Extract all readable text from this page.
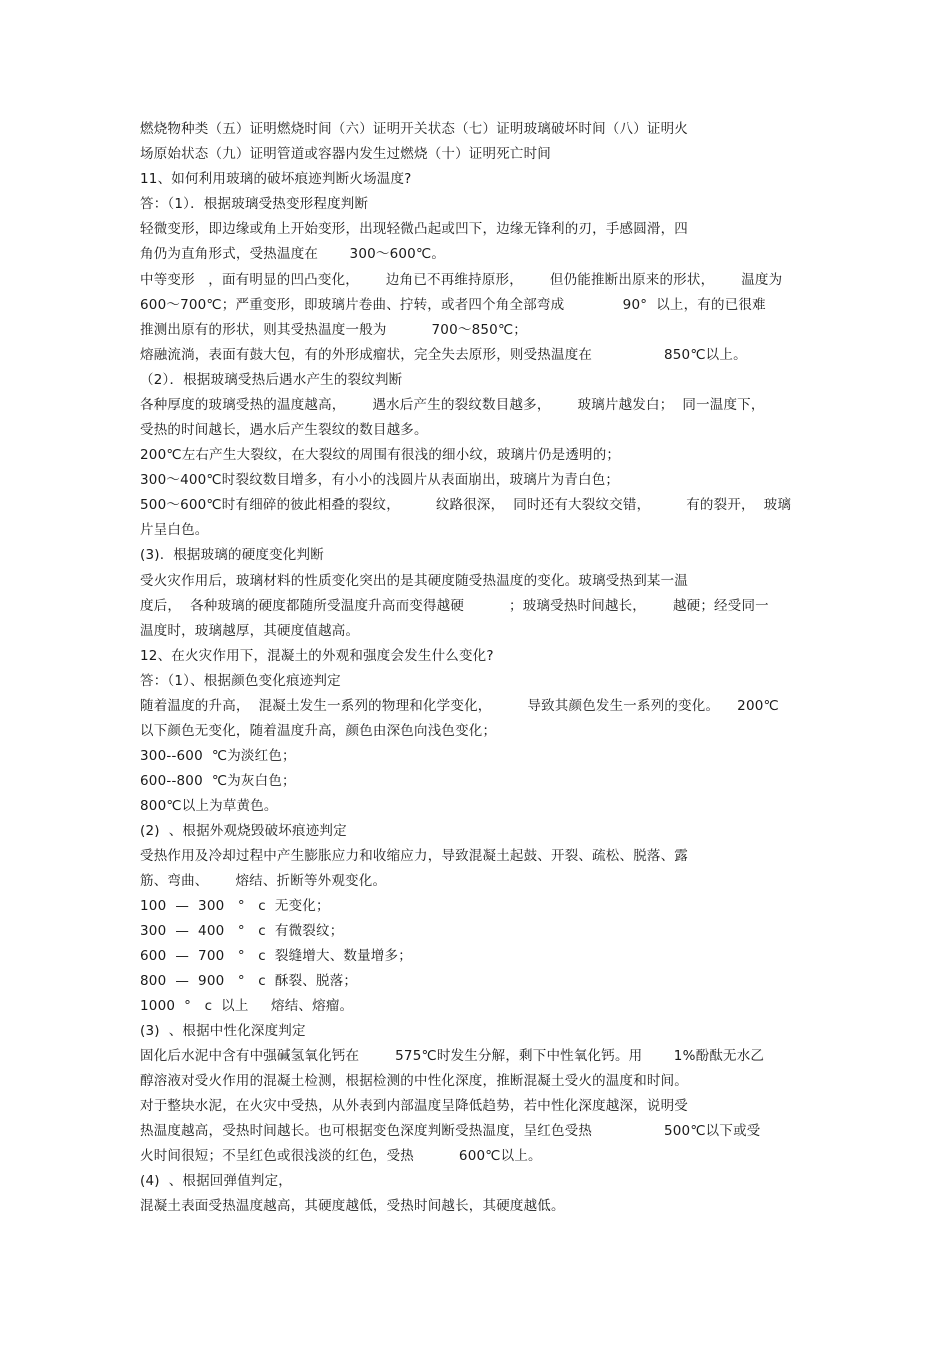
燃烧物种类（五）证明燃烧时间（六）证明开关状态（七）证明玻璃破坏时间（八）证明火
场原始状态（九）证明管道或容器内发生过燃烧（十）证明死亡时间
11、如何利用玻璃的破坏痕迹判断火场温度?
答：（1）．根据玻璃受热变形程度判断
轻微变形，即边缘或角上开始变形，出现轻微凸起或凹下，边缘无锋利的刃，手感圆滑，四
角仍为直角形式，受热温度在       300～600℃。
中等变形   ，面有明显的凹凸变化，      边角已不再维持原形，      但仍能推断出原来的形状，      温度为
600～700℃；严重变形，即玻璃片卷曲、拧转，或者四个角全部弯成             90°  以上，有的已很难
推测出原有的形状，则其受热温度一般为          700～850℃；
熔融流淌，表面有鼓大包，有的外形成瘤状，完全失去原形，则受热温度在                850℃以上。
（2）．根据玻璃受热后遇水产生的裂纹判断
各种厚度的玻璃受热的温度越高，      遇水后产生的裂纹数目越多，      玻璃片越发白；  同一温度下，
受热的时间越长，遇水后产生裂纹的数目越多。
200℃左右产生大裂纹，在大裂纹的周围有很浅的细小纹，玻璃片仍是透明的；
300～400℃时裂纹数目增多，有小小的浅圆片从表面崩出，玻璃片为青白色；
500～600℃时有细碎的彼此相叠的裂纹，        纹路很深，  同时还有大裂纹交错，        有的裂开，  玻璃
片呈白色。
(3).  根据玻璃的硬度变化判断
受火灾作用后，玻璃材料的性质变化突出的是其硬度随受热温度的变化。玻璃受热到某一温
度后，  各种玻璃的硬度都随所受温度升高而变得越硬          ；玻璃受热时间越长，      越硬；经受同一
温度时，玻璃越厚，其硬度值越高。
12、在火灾作用下，混凝土的外观和强度会发生什么变化?
答：（1）、根据颜色变化痕迹判定
随着温度的升高，  混凝土发生一系列的物理和化学变化，        导致其颜色发生一系列的变化。    200℃
以下颜色无变化，随着温度升高，颜色由深色向浅色变化；
300--600  ℃为淡红色；
600--800  ℃为灰白色；
800℃以上为草黄色。
(2)  、根据外观烧毁破坏痕迹判定
受热作用及冷却过程中产生膨胀应力和收缩应力，导致混凝土起鼓、开裂、疏松、脱落、露
筋、弯曲、      熔结、折断等外观变化。
100  —  300   °   c  无变化；
300  —  400   °   c  有微裂纹；
600  —  700   °   c  裂缝增大、数量增多；
800  —  900   °   c  酥裂、脱落；
1000  °   c  以上     熔结、熔瘤。
(3)  、根据中性化深度判定
固化后水泥中含有中强碱氢氧化钙在        575℃时发生分解，剩下中性氧化钙。用       1%酚酞无水乙
醇溶液对受火作用的混凝土检测，根据检测的中性化深度，推断混凝土受火的温度和时间。
对于整块水泥，在火灾中受热，从外表到内部温度呈降低趋势，若中性化深度越深，说明受
热温度越高，受热时间越长。也可根据变色深度判断受热温度，呈红色受热                500℃以下或受
火时间很短；不呈红色或很浅淡的红色，受热          600℃以上。
(4)  、根据回弹值判定，
混凝土表面受热温度越高，其硬度越低，受热时间越长，其硬度越低。
